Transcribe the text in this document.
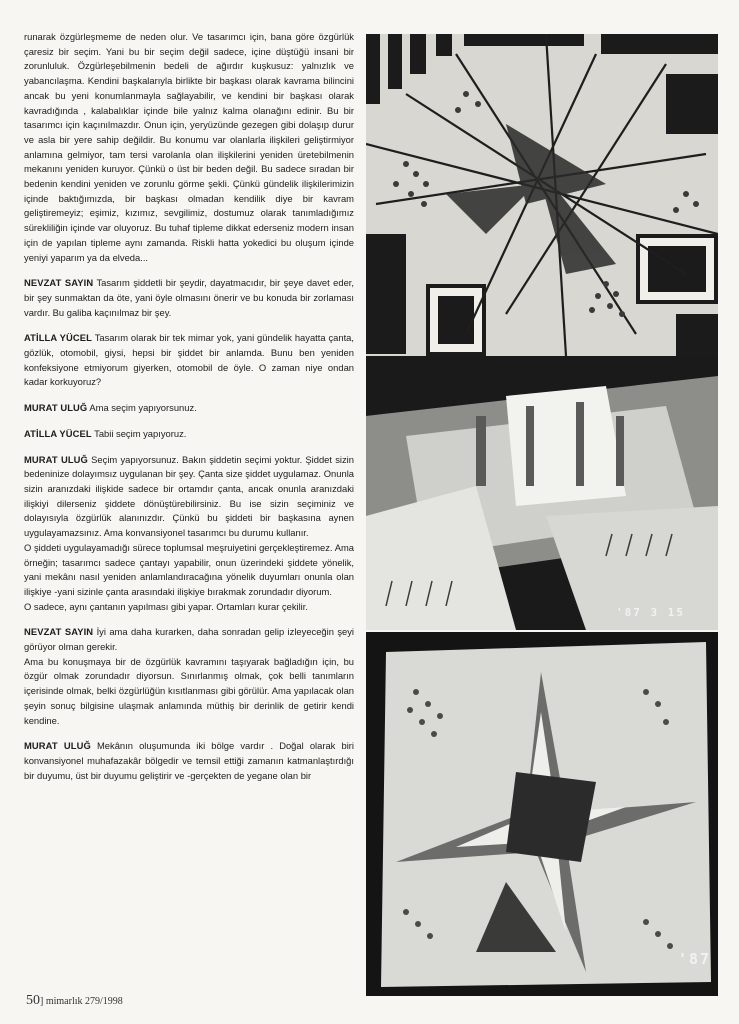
runarak özgürleşmeme de neden olur. Ve tasarımcı için, bana göre özgürlük çaresiz bir seçim. Yani bu bir seçim değil sadece, içine düştüğü insani bir zorunluluk. Özgürleşebilmenin bedeli de ağırdır kuşkusuz: yalnızlık ve yabancılaşma. Kendini başkalarıyla birlikte bir başkası olarak kavrama bilincini ancak bu yeni konumlanmayla sağlayabilir, ve kendini bir başkası olarak kavradığında , kalabalıklar içinde bile yalnız kalma olanağını edinir. Bu bir tasarımcı için kaçınılmazdır. Onun için, yeryüzünde gezegen gibi dolaşıp durur ve asla bir yere sahip değildir. Bu konumu var olanlarla ilişkileri geliştirmiyor anlamına gelmiyor, tam tersi varolanla olan ilişkilerini yeniden üretebilmenin mekanını yeniden kuruyor. Çünkü o üst bir beden değil. Bu sadece sıradan bir bedenin kendini yeniden ve zorunlu görme şekli. Çünkü gündelik ilişkilerimizin içinde baktığımızda, bir başkası olmadan kendilik diye bir kavram geliştiremeyiz; eşimiz, kızımız, sevgilimiz, dostumuz olarak tanımladığımız sürekliliğin içinde var oluyoruz. Bu tuhaf tipleme dikkat ederseniz modern insan için de yapılan tipleme aynı zamanda. Riskli hatta yokedici bu oluşum içinde yeniyi yaparım ya da elveda...

NEVZAT SAYIN Tasarım şiddetli bir şeydir, dayatmacıdır, bir şeye davet eder, bir şey sunmaktan da öte, yani öyle olmasını önerir ve bu konuda bir zorlaması vardır. Bu galiba kaçınılmaz bir şey.

ATİLLA YÜCEL Tasarım olarak bir tek mimar yok, yani gündelik hayatta çanta, gözlük, otomobil, giysi, hepsi bir şiddet bir anlamda. Bunu ben yeniden konfeksiyone etmiyorum giyerken, otomobil de öyle. O zaman niye ondan kadar korkuyoruz?

MURAT ULUĞ Ama seçim yapıyorsunuz.

ATİLLA YÜCEL Tabii seçim yapıyoruz.

MURAT ULUĞ Seçim yapıyorsunuz. Bakın şiddetin seçimi yoktur. Şiddet sizin bedeninize dolayımsız uygulanan bir şey. Çanta size şiddet uygulamaz. Onunla sizin aranızdaki ilişkide sadece bir ortamdır çanta, ancak onunla aranızdaki ilişkiyi dilerseniz şiddete dönüştürebilirsiniz. Bu ise sizin seçiminiz ve dolayısıyla özgürlük alanınızdır. Çünkü bu şiddeti bir başkasına aynen uygulayamazsınız. Ama konvansiyonel tasarımcı bu durumu kullanır.
O şiddeti uygulayamadığı sürece toplumsal meşruiyetini gerçekleştiremez. Ama örneğin; tasarımcı sadece çantayı yapabilir, onun üzerindeki şiddete yönelik, yani mekânı nasıl yeniden anlamlandıracağına yönelik duyumları onunla olan ilişkiye -yani sizinle çanta arasındaki ilişkiye bırakmak zorundadır diyorum.
O sadece, aynı çantanın yapılması gibi yapar. Ortamları kurar çekilir.

NEVZAT SAYIN İyi ama daha kurarken, daha sonradan gelip izleyeceğin şeyi görüyor olman gerekir.
Ama bu konuşmaya bir de özgürlük kavramını taşıyarak bağladığın için, bu özgür olmak zorundadır diyorsun. Sınırlanmış olmak, çok belli tanımların içerisinde olmak, belki özgürlüğün kısıtlanması gibi görülür. Ama yapılacak olan şeyin sonuç bilgisine ulaşmak anlamında müthiş bir derinlik de getirir kendi kendine.

MURAT ULUĞ Mekânın oluşumunda iki bölge vardır . Doğal olarak biri konvansiyonel muhafazakâr bölgedir ve temsil ettiği zamanın katmanlaştırdığı bir duyumu, üst bir duyumu geliştirir ve -gerçekten de yegane olan bir

50] mimarlık 279/1998
'87 3 15
'87
